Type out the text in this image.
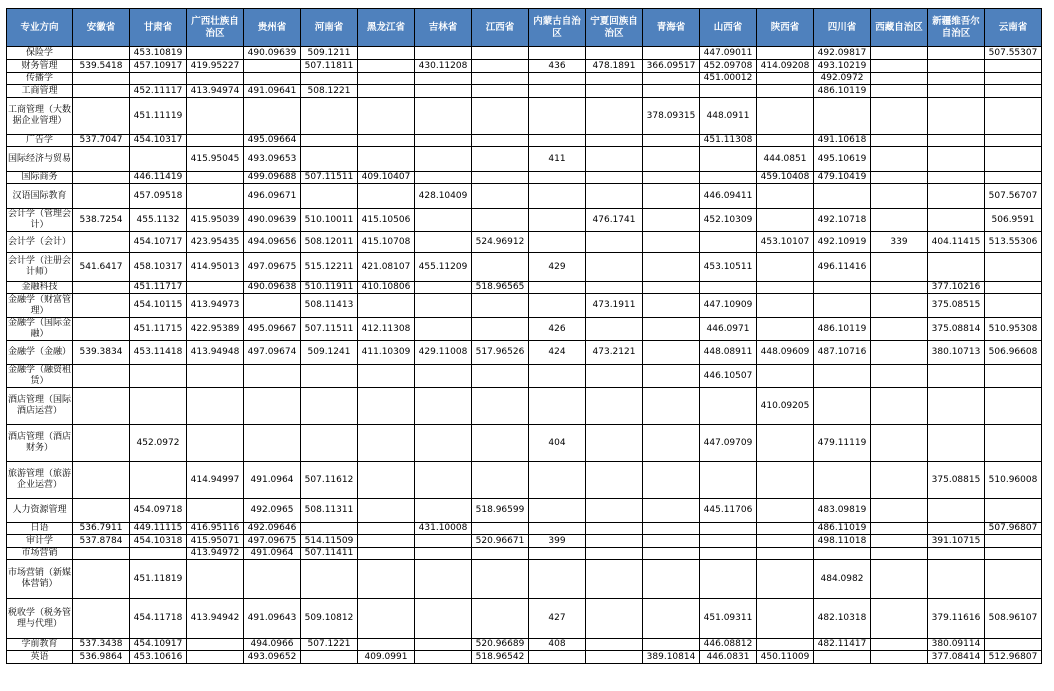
专业方向	安徽省	甘肃省	广西壮族自治区	贵州省	河南省	黑龙江省	吉林省	江西省	内蒙古自治区	宁夏回族自治区	青海省	山西省	陕西省	四川省	西藏自治区	新疆维吾尔自治区	云南省
保险学		453.10819		490.09639	509.1211							447.09011		492.09817			507.55307
财务管理	539.5418	457.10917	419.95227		507.11811		430.11208		436	478.1891	366.09517	452.09708	414.09208	493.10219			
传播学												451.00012		492.0972			
工商管理		452.11117	413.94974	491.09641	508.1221									486.10119			
工商管理（大数据企业管理）		451.11119									378.09315	448.0911					
广告学	537.7047	454.10317		495.09664								451.11308		491.10618			
国际经济与贸易			415.95045	493.09653					411				444.0851	495.10619			
国际商务		446.11419		499.09688	507.11511	409.10407							459.10408	479.10419			
汉语国际教育		457.09518		496.09671			428.10409					446.09411					507.56707
会计学（管理会计）	538.7254	455.1132	415.95039	490.09639	510.10011	415.10506				476.1741		452.10309		492.10718			506.9591
会计学（会计）		454.10717	423.95435	494.09656	508.12011	415.10708		524.96912					453.10107	492.10919	339	404.11415	513.55306
会计学（注册会计师）	541.6417	458.10317	414.95013	497.09675	515.12211	421.08107	455.11209		429			453.10511		496.11416			
金融科技		451.11717		490.09638	510.11911	410.10806		518.96565								377.10216	
金融学（财富管理）		454.10115	413.94973		508.11413					473.1911		447.10909				375.08515	
金融学（国际金融）		451.11715	422.95389	495.09667	507.11511	412.11308			426			446.0971		486.10119		375.08814	510.95308
金融学（金融）	539.3834	453.11418	413.94948	497.09674	509.1241	411.10309	429.11008	517.96526	424	473.2121		448.08911	448.09609	487.10716		380.10713	506.96608
金融学（融资租赁）												446.10507					
酒店管理（国际酒店运营）													410.09205				
酒店管理（酒店财务）		452.0972							404			447.09709		479.11119			
旅游管理（旅游企业运营）			414.94997	491.0964	507.11612											375.08815	510.96008
人力资源管理		454.09718		492.0965	508.11311			518.96599				445.11706		483.09819			
日语	536.7911	449.11115	416.95116	492.09646			431.10008							486.11019			507.96807
审计学	537.8784	454.10318	415.95071	497.09675	514.11509			520.96671	399					498.11018		391.10715	
市场营销			413.94972	491.0964	507.11411												
市场营销（新媒体营销）		451.11819												484.0982			
税收学（税务管理与代理）		454.11718	413.94942	491.09643	509.10812				427			451.09311		482.10318		379.11616	508.96107
学前教育	537.3438	454.10917		494.0966	507.1221			520.96689	408			446.08812		482.11417		380.09114	
英语	536.9864	453.10616		493.09652		409.0991		518.96542			389.10814	446.0831	450.11009			377.08414	512.96807
